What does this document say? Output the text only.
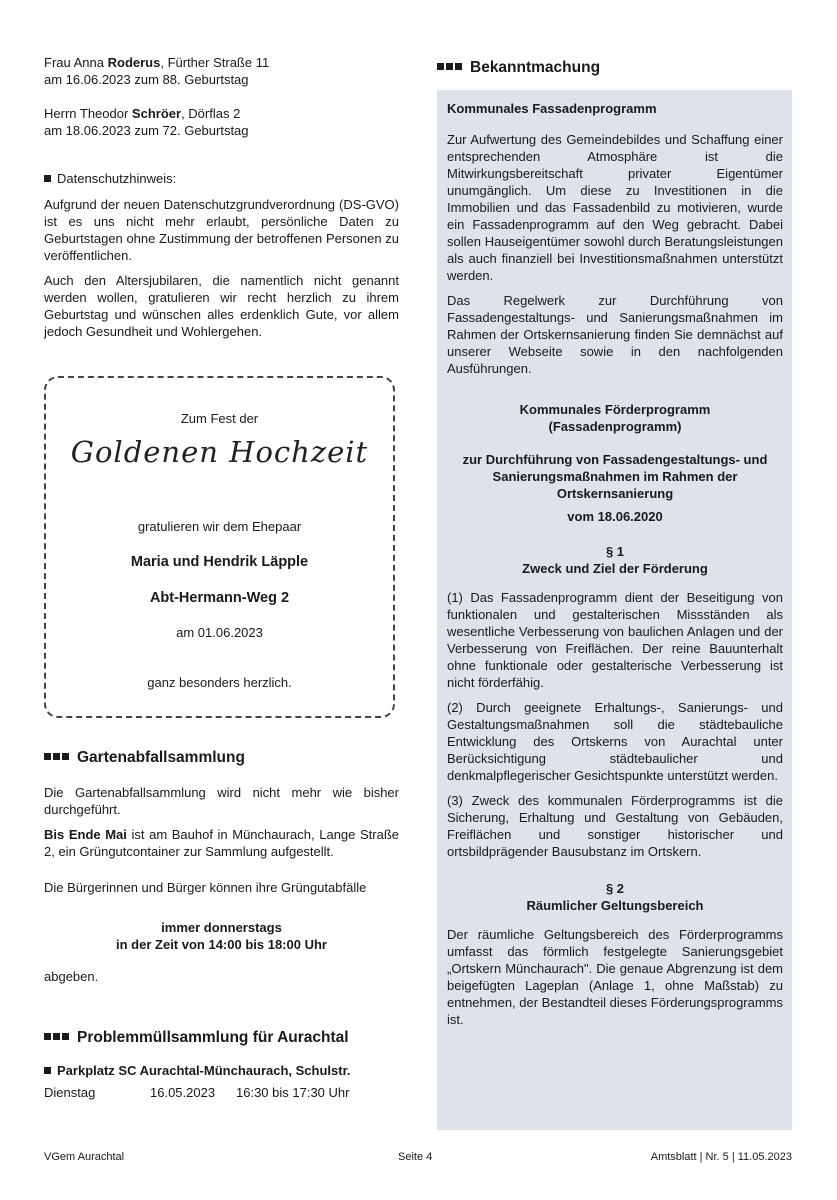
Frau Anna Roderus, Fürther Straße 11

am 16.06.2023 zum 88. Geburtstag

Herrn Theodor Schröer, Dörflas 2

am 18.06.2023 zum 72. Geburtstag

Datenschutzhinweis:

Aufgrund der neuen Datenschutzgrundverordnung (DS-GVO) ist es uns nicht mehr erlaubt, persönliche Daten zu Geburtstagen ohne Zustimmung der betroffenen Personen zu veröffentlichen.

Auch den Altersjubilaren, die namentlich nicht genannt werden wollen, gratulieren wir recht herzlich zu ihrem Geburtstag und wünschen alles erdenklich Gute, vor allem jedoch Gesundheit und Wohlergehen.

Zum Fest der
Goldenen Hochzeit
gratulieren wir dem Ehepaar
Maria und Hendrik Läpple
Abt-Hermann-Weg 2
am 01.06.2023
ganz besonders herzlich.
Gartenabfallsammlung

Die Gartenabfallsammlung wird nicht mehr wie bisher durchgeführt.

Bis Ende Mai ist am Bauhof in Münchaurach, Lange Straße 2, ein Grüngutcontainer zur Sammlung aufgestellt.

Die Bürgerinnen und Bürger können ihre Grüngutabfälle

immer donnerstags

in der Zeit von 14:00 bis 18:00 Uhr

abgeben.

Problemmüllsammlung für Aurachtal

Parkplatz SC Aurachtal-Münchaurach, Schulstr.

Dienstag	16.05.2023 16:30 bis 17:30 Uhr

Bekanntmachung

Kommunales Fassadenprogramm

Zur Aufwertung des Gemeindebildes und Schaffung einer entsprechenden Atmosphäre ist die Mitwirkungsbereitschaft privater Eigentümer unumgänglich. Um diese zu Investitionen in die Immobilien und das Fassadenbild zu motivieren, wurde ein Fassadenprogramm auf den Weg gebracht. Dabei sollen Hauseigentümer sowohl durch Beratungsleistungen als auch finanziell bei Investitionsmaßnahmen unterstützt werden.

Das Regelwerk zur Durchführung von Fassadengestaltungs- und Sanierungsmaßnahmen im Rahmen der Ortskernsanierung finden Sie demnächst auf unserer Webseite sowie in den nachfolgenden Ausführungen.

Kommunales Förderprogramm

(Fassadenprogramm)

zur Durchführung von Fassadengestaltungs- und Sanierungsmaßnahmen im Rahmen der Ortskernsanierung

vom 18.06.2020

§ 1

Zweck und Ziel der Förderung

(1) Das Fassadenprogramm dient der Beseitigung von funktionalen und gestalterischen Missständen als wesentliche Verbesserung von baulichen Anlagen und der Verbesserung von Freiflächen. Der reine Bauunterhalt ohne funktionale oder gestalterische Verbesserung ist nicht förderfähig.

(2) Durch geeignete Erhaltungs-, Sanierungs- und Gestaltungsmaßnahmen soll die städtebauliche Entwicklung des Ortskerns von Aurachtal unter Berücksichtigung städtebaulicher und denkmalpflegerischer Gesichtspunkte unterstützt werden.

(3) Zweck des kommunalen Förderprogramms ist die Sicherung, Erhaltung und Gestaltung von Gebäuden, Freiflächen und sonstiger historischer und ortsbildprägender Bausubstanz im Ortskern.

§ 2

Räumlicher Geltungsbereich

Der räumliche Geltungsbereich des Förderprogramms umfasst das förmlich festgelegte Sanierungsgebiet „Ortskern Münchaurach". Die genaue Abgrenzung ist dem beigefügten Lageplan (Anlage 1, ohne Maßstab) zu entnehmen, der Bestandteil dieses Förderungsprogramms ist.

VGem Aurachtal	Seite 4	Amtsblatt | Nr. 5 | 11.05.2023
